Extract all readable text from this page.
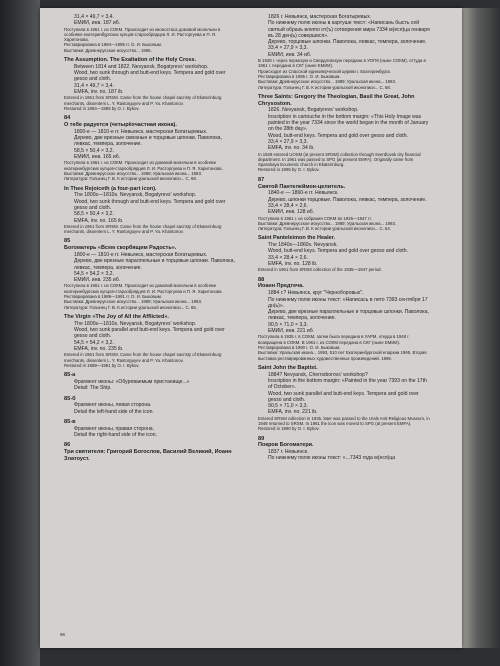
31,4 × 49,7 × 3,4.

ЕМИИ, инв. 187 иб.

Поступила в 1961 г. из СОКМ. Происходит из иконостаса домовой молельни в особняке екатеринбургских купцов-старообрядцев Л. И. Расторгуева и П. Я. Харитонова.

Реставрирована в 1984—1985 гг. О. И. Быковым.

Выставки: Древнерусское искусство... 1995.

The Assumption. The Exaltation of the Holy Cross.

Between 1814 and 1822. Nevyansk, Bogatyrevs' workshop.

Wood, two sunk through and butt-end keys. Tempera and gold over gesso and cloth.

31,4 × 49,7 × 3,4.

EMFA, inv. no. 187 ib.

Entered in 1961 from SRSM. Came from the house chapel sacristy of Ekaterinburg merchants, dissenters L. Y. Rastorguyev and P. Ya. Kharitonov.

Restored in 1984—1985 by O. I. Bykov.

84

О тебе радуется (четырёхчастная икона).

1800-е — 1810-е гг. Невьянск, мастерская Богатыревых.

Дерево, две врезные сквозные и торцовые шпонки. Паволока, левкас, темпера, золочение.

58,5 × 50,4 × 3,2.

ЕМИИ, инв. 165 иб.

Поступила в 1961 г. из СОКМ. Происходит из домовой молельни в особняке екатеринбургских купцов-старообрядцев Л. И. Расторгуева и П. Я. Харитонова.

Выставки: Древнерусское искусство... 1989; Уральская икона... 1993.

Литература: Голынец Г. В. К истории уральской иконописи... С. 68.

In Thee Rejoiceth (a four-part icon).

The 1800s—1810s. Nevyansk, Bogatyrevs' workshop.

Wood, two sunk through and butt-end keys. Tempera and gold over gesso and cloth.

58,5 × 50,4 × 3,2.

EMFA, inv. no. 165 ib.

Entered in 1961 from SRSM. Came from the house chapel sacristy of Ekaterinburg merchants, dissenters L. Y. Rastorguyev and P. Ya. Kharitonov.

85

Богоматерь «Всем скорбящим Радость».

1800-е — 1810-е гг. Невьянск, мастерская Богатыревых.

Дерево, две врезные параллельные и торцовые шпонки. Паволока, левкас, темпера, золочение.

54,5 × 54,2 × 3,2.

ЕМИИ, инв. 235 иб.

Поступила в 1961 г. из СОКМ. Происходит из домовой молельни в особняке екатеринбургских купцов-старообрядцев Л. И. Расторгуева и П. Я. Харитонова.

Реставрирована в 1989—1991 гг. О. И. Быковым.

Выставки: Древнерусское искусство... 1989; Уральская икона... 1993.

Литература: Голынец Г. В. К истории уральской иконописи... С. 65.

The Virgin «The Joy of All the Afflicted».

The 1800s—1810s. Nevyansk, Bogatyrevs' workshop.

Wood, two sunk parallel and butt-end keys. Tempera and gold over gesso and cloth.

54,5 × 54,2 × 3,2.

EMFA, inv. no. 235 ib.

Entered in 1961 from SRSM. Came from the house chapel sacristy of Ekaterinburg merchants, dissenters L. Y. Rastorguyev and P. Ya. Kharitonov.

Restored in 1989—1991 by O. I. Bykov.

85-а

Фрагмент иконы: «Обуреваемым пристанище...»

Detail: The Ship.

85-б

Фрагмент иконы, левая сторона.

Detail the left-hand side of the icon.

85-в

Фрагмент иконы, правая сторона.

Detail the right-hand side of the icon.

86

Три святителя: Григорий Богослов, Василий Великий, Иоанн Златоуст.

1826 г. Невьянск, мастерская Богатыревых.

По нижнему полю иконы в картуше текст: «Написань бысть сей святый образъ влеmо от(ъ) сотворения мира 7334 м(еся)ца генваря въ 28 ден(ь) совершися».

Дерево, торцовые шпонки. Паволока, левкас, темпера, золочение.

33,4 × 27,9 × 3,3.

ЕМИИ, инв. 34 иб.

В 1928 г. через пермскую и Свердловскую передана в УОГМ (ныне СОКМ), оттуда в 1961 г. передана в СКГ (ныне ЕМИИ).

Происходит из Спасской единоверческой церкви г. Екатеринбурга.

Реставрирована в 1995 г. О. И. Быковым.

Выставки: Древнерусское искусство... 1989; Уральская икона... 1993.

Литература: Голынец Г. В. К истории уральской иконописи... С. 68.

Three Saints: Gregory the Theologian, Basil the Great, John Chrysostom.

1826. Nevyansk, Bogatyrevs' workshop.

Inscription in cartouche in the bottom margin: «This Holy Image was painted in the year 7334 since the world began in the month of January on the 28th day».

Wood, butt-end keys. Tempera and gold over gesso and cloth.

33,4 × 27,9 × 3,3.

EMFA, inv. no. 34 ib.

In 1928 entered UOSM (at present SRSM) collection through Sverdlovsk city financial department. In 1961 was passed to SPG (at present EMFA). Originally came from Spasskaya Ecumenic church in Ekaterinburg.

Restored in 1995 by O. I. Bykov.

87

Святой Пантелеймон-целитель.

1840-е — 1860-е гг. Невьянск.

Дерево, шпонки торцовые. Паволока, левкас, темпера, золочение.

33,4 × 28,4 × 2,6.

ЕМИИ, инв. 128 иб.

Поступила в 1961 г. из собрания СОКМ во 1935—1947 гг.

Выставки: Древнерусское искусство... 1989; Уральская икона... 1993.

Литература: Голынец Г. В. К истории уральской иконописи... С. 64.

Saint Panteleimon the Healer.

The 1840s—1860s. Nevyansk.

Wood, butt-end keys. Tempera and gold over gesso and cloth.

33,4 × 28,4 × 2,6.

EMFA, inv. no. 128 ib.

Entered in 1961 from SRSM collection of the 1935—1947 period.

88

Иоанн Предтеча.

1884 г.? Невьянск, круг "Черноборовых".

По нижнему полю иконы текст: «Написась в лето 7393 сентября 17 дн(ь)».

Дерево, две врезные параллельные и торцовые шпонки. Паволока, левкас, темпера, золочение.

90,5 × 71,0 × 3,3.

ЕМИИ, инв. 221 иб.

Поступила в 1935 г. в СОКМ, затем была передана в УАРМ, откуда в 1948 г. возвращена в СОКМ. В 1961 г. из СОКМ передана в СКГ (ныне ЕМИИ).

Реставрирована в 1990 г. О. И. Быковым.

Выставки: Уральская икона... 1993, 510 лет Екатеринбургской епархии 1995. Вторая выставка реставрированных художественных произведений. 1996.

Saint John the Baptist.

1884? Nevyansk, Chernoborovs' workshop?

Inscription in the bottom margin: «Painted in the year 7393 on the 17th of October».

Wood, two sunk parallel and butt-end keys. Tempera and gold over gesso and cloth.

90,5 × 71,0 × 3,3.

EMFA, inv. no. 221 ib.

Entered SRSM collection in 1935, later was passed to the Urals Anti-Religious Museum, in 1948 returned to SRSM. In 1961 the icon was moved to SPG (at present EMFA).

Restored in 1990 by O. I. Bykov.

89

Покров Богоматери.

1837 г. Невьянск.

По нижнему полю иконы текст: «...7343 года м(еся)ца

96
